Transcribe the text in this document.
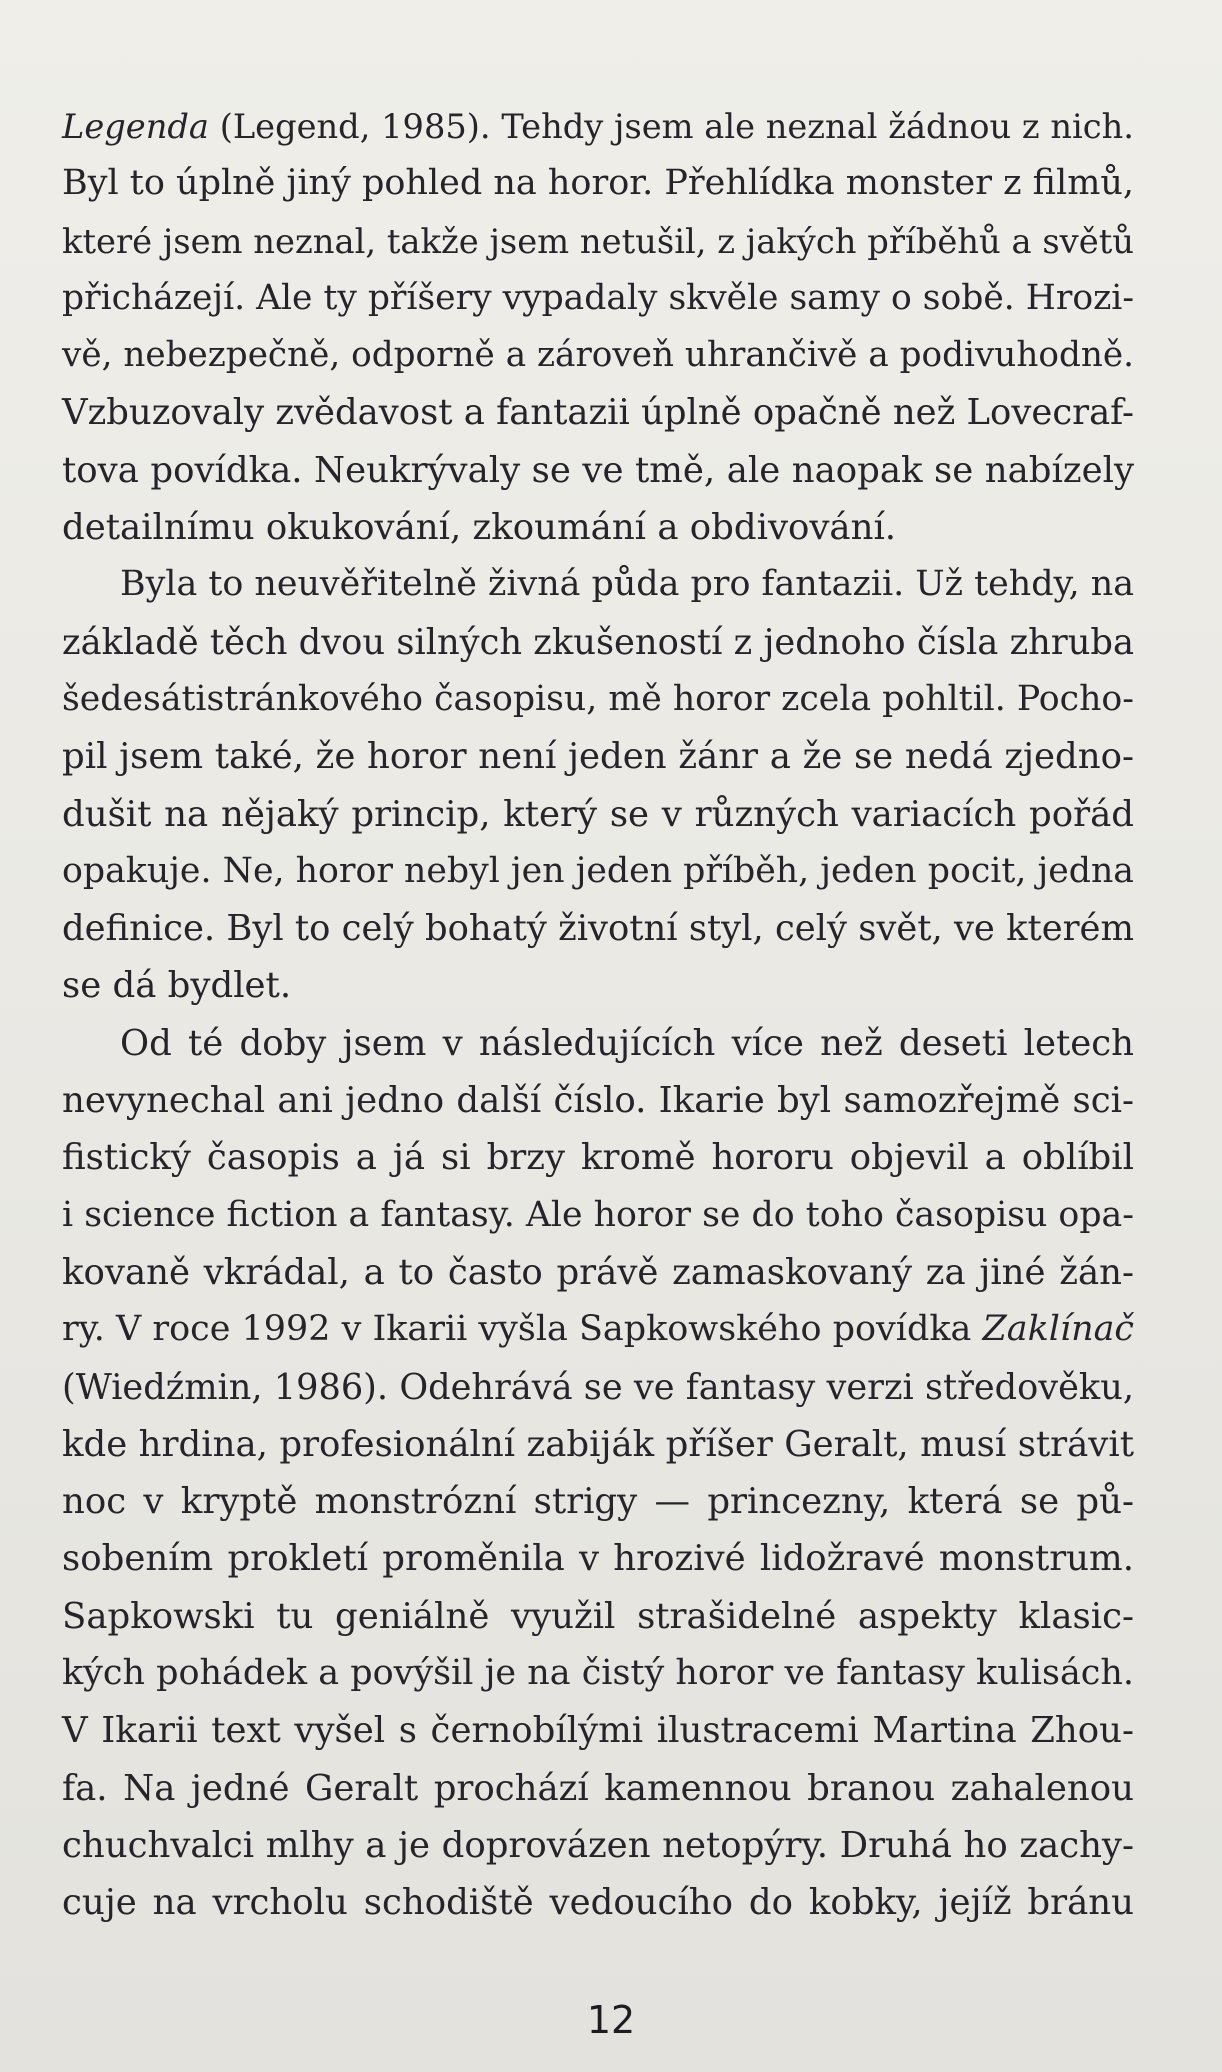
Legenda (Legend, 1985). Tehdy jsem ale neznal žádnou z nich.
Byl to úplně jiný pohled na horor. Přehlídka monster z filmů,
které jsem neznal, takže jsem netušil, z jakých příběhů a světů
přicházejí. Ale ty příšery vypadaly skvěle samy o sobě. Hrozi-
vě, nebezpečně, odporně a zároveň uhrančivě a podivuhodně.
Vzbuzovaly zvědavost a fantazii úplně opačně než Lovecraf-
tova povídka. Neukrývaly se ve tmě, ale naopak se nabízely
detailnímu okukování, zkoumání a obdivování.
Byla to neuvěřitelně živná půda pro fantazii. Už tehdy, na
základě těch dvou silných zkušeností z jednoho čísla zhruba
šedesátistránkového časopisu, mě horor zcela pohltil. Pocho-
pil jsem také, že horor není jeden žánr a že se nedá zjedno-
dušit na nějaký princip, který se v různých variacích pořád
opakuje. Ne, horor nebyl jen jeden příběh, jeden pocit, jedna
definice. Byl to celý bohatý životní styl, celý svět, ve kterém
se dá bydlet.
Od té doby jsem v následujících více než deseti letech
nevynechal ani jedno další číslo. Ikarie byl samozřejmě sci-
fistický časopis a já si brzy kromě hororu objevil a oblíbil
i science fiction a fantasy. Ale horor se do toho časopisu opa-
kovaně vkrádal, a to často právě zamaskovaný za jiné žán-
ry. V roce 1992 v Ikarii vyšla Sapkowského povídka Zaklínač
(Wiedźmin, 1986). Odehrává se ve fantasy verzi středověku,
kde hrdina, profesionální zabiják příšer Geralt, musí strávit
noc v kryptě monstrózní strigy — princezny, která se pů-
sobením prokletí proměnila v hrozivé lidožravé monstrum.
Sapkowski tu geniálně využil strašidelné aspekty klasic-
kých pohádek a povýšil je na čistý horor ve fantasy kulisách.
V Ikarii text vyšel s černobílými ilustracemi Martina Zhou-
fa. Na jedné Geralt prochází kamennou branou zahalenou
chuchvalci mlhy a je doprovázen netopýry. Druhá ho zachy-
cuje na vrcholu schodiště vedoucího do kobky, jejíž bránu
12
